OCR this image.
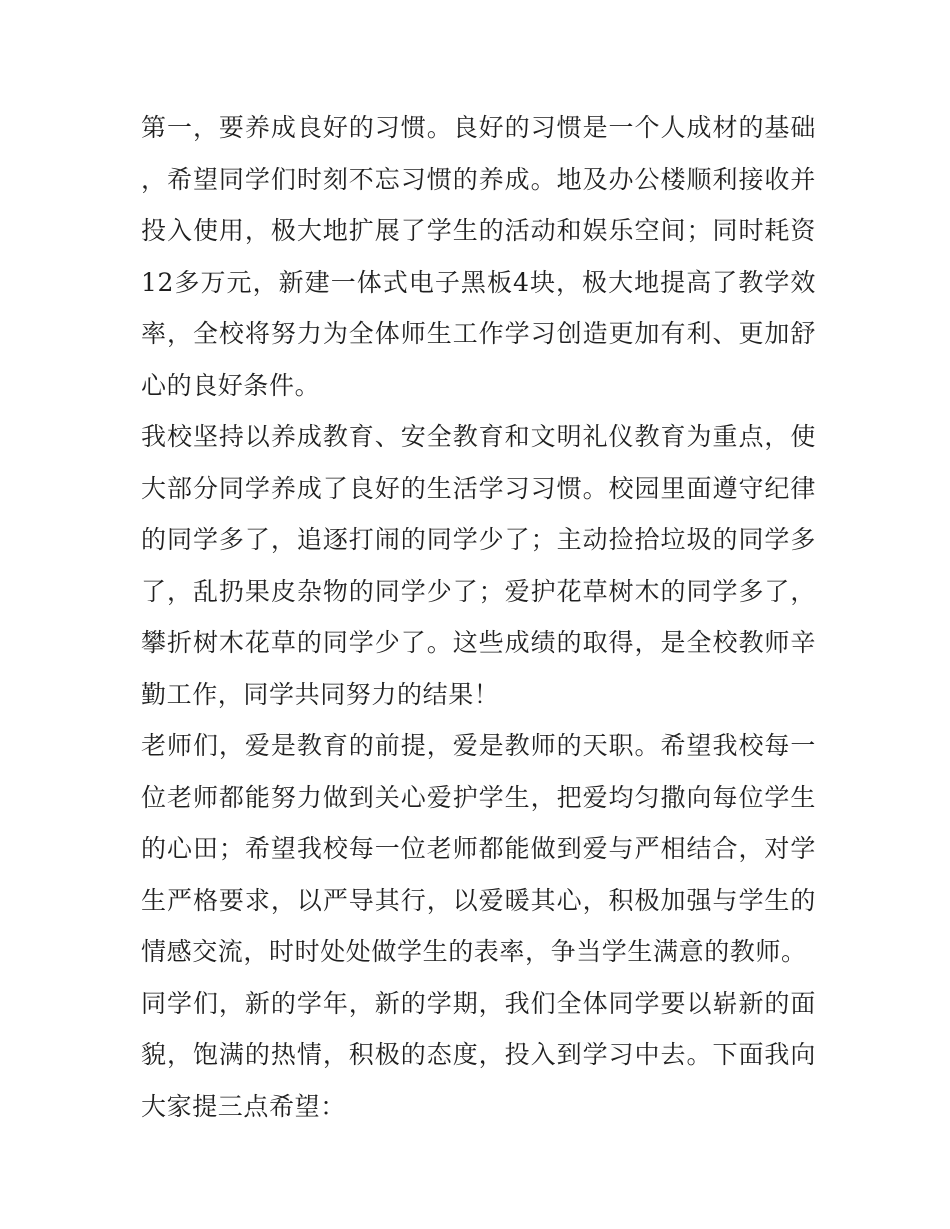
第一，要养成良好的习惯。良好的习惯是一个人成材的基础，希望同学们时刻不忘习惯的养成。地及办公楼顺利接收并投入使用，极大地扩展了学生的活动和娱乐空间；同时耗资12多万元，新建一体式电子黑板4块，极大地提高了教学效率，全校将努力为全体师生工作学习创造更加有利、更加舒心的良好条件。

我校坚持以养成教育、安全教育和文明礼仪教育为重点，使大部分同学养成了良好的生活学习习惯。校园里面遵守纪律的同学多了，追逐打闹的同学少了；主动捡拾垃圾的同学多了，乱扔果皮杂物的同学少了；爱护花草树木的同学多了，攀折树木花草的同学少了。这些成绩的取得，是全校教师辛勤工作，同学共同努力的结果！

老师们，爱是教育的前提，爱是教师的天职。希望我校每一位老师都能努力做到关心爱护学生，把爱均匀撒向每位学生的心田；希望我校每一位老师都能做到爱与严相结合，对学生严格要求，以严导其行，以爱暖其心，积极加强与学生的情感交流，时时处处做学生的表率，争当学生满意的教师。

同学们，新的学年，新的学期，我们全体同学要以崭新的面貌，饱满的热情，积极的态度，投入到学习中去。下面我向大家提三点希望：
